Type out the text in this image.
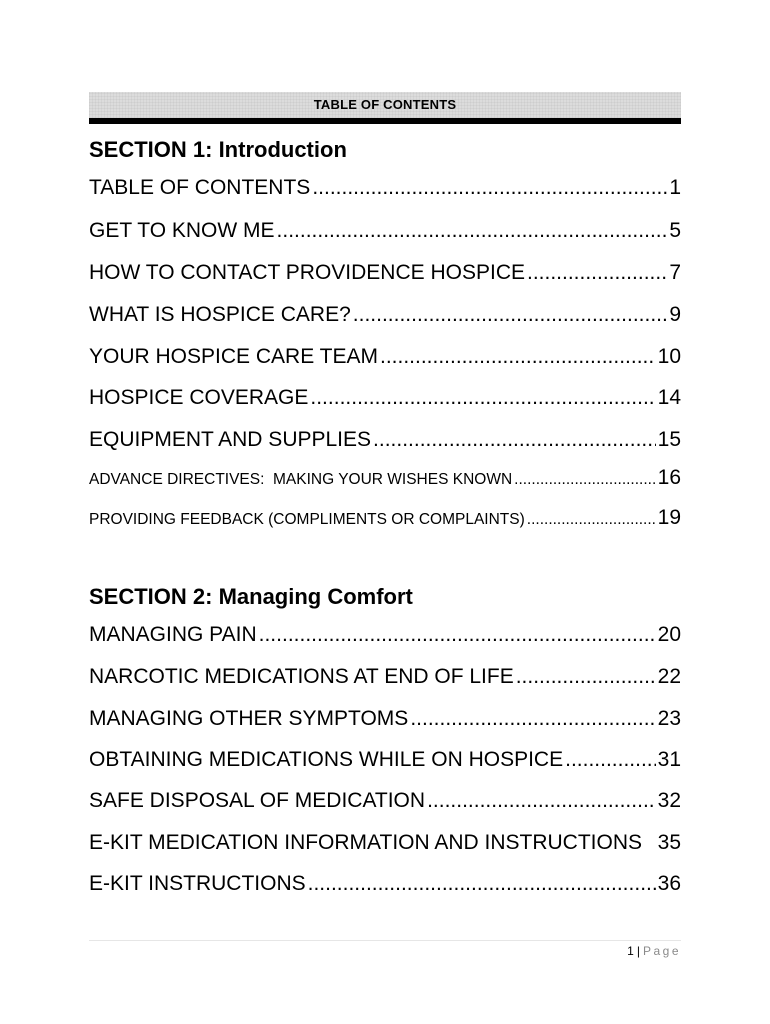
TABLE OF CONTENTS
SECTION 1: Introduction
TABLE OF CONTENTS .....	1
GET TO KNOW ME .....	5
HOW TO CONTACT PROVIDENCE HOSPICE .....	7
WHAT IS HOSPICE CARE? .....	9
YOUR HOSPICE CARE TEAM .....	10
HOSPICE COVERAGE .....	14
EQUIPMENT AND SUPPLIES .....	15
ADVANCE DIRECTIVES:  MAKING YOUR WISHES KNOWN .....	16
PROVIDING FEEDBACK (COMPLIMENTS OR COMPLAINTS) .....	19
SECTION 2: Managing Comfort
MANAGING PAIN .....	20
NARCOTIC MEDICATIONS AT END OF LIFE .....	22
MANAGING OTHER SYMPTOMS .....	23
OBTAINING MEDICATIONS WHILE ON HOSPICE .....	31
SAFE DISPOSAL OF MEDICATION .....	32
E-KIT MEDICATION INFORMATION AND INSTRUCTIONS 35
E-KIT INSTRUCTIONS .....	36
1 | Page
